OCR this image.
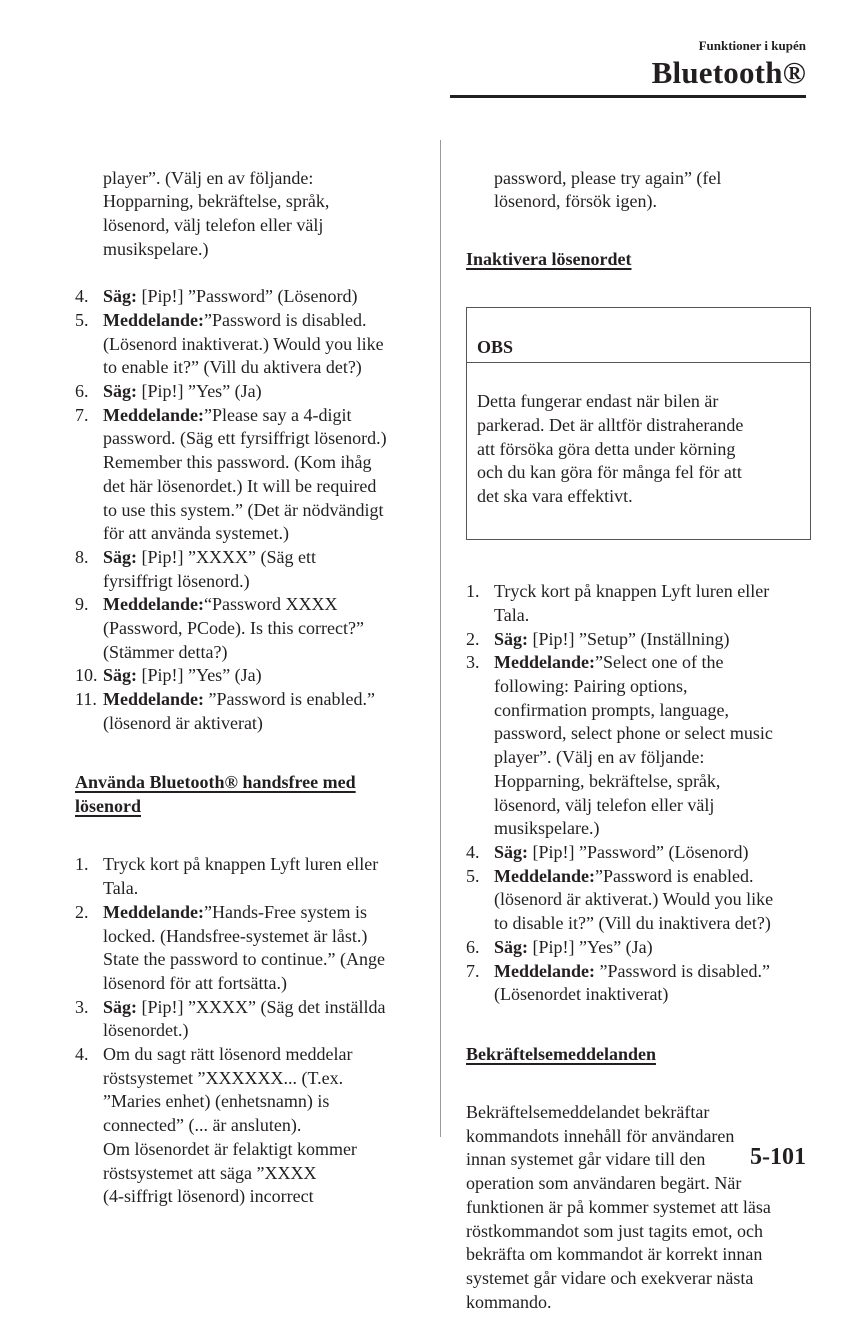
Funktioner i kupén
Bluetooth®

player”. (Välj en av följande:
Hopparning, bekräftelse, språk,
lösenord, välj telefon eller välj
musikspelare.)

4. Säg: [Pip!] ”Password” (Lösenord)
5. Meddelande:”Password is disabled.
(Lösenord inaktiverat.) Would you like
to enable it?” (Vill du aktivera det?)
6. Säg: [Pip!] ”Yes” (Ja)
7. Meddelande:”Please say a 4-digit
password. (Säg ett fyrsiffrigt lösenord.)
Remember this password. (Kom ihåg
det här lösenordet.) It will be required
to use this system.” (Det är nödvändigt
för att använda systemet.)
8. Säg: [Pip!] ”XXXX” (Säg ett
fyrsiffrigt lösenord.)
9. Meddelande:“Password XXXX
(Password, PCode). Is this correct?”
(Stämmer detta?)
10. Säg: [Pip!] ”Yes” (Ja)
11. Meddelande: ”Password is enabled.”
(lösenord är aktiverat)

Använda Bluetooth® handsfree med
lösenord

1. Tryck kort på knappen Lyft luren eller
Tala.
2. Meddelande:”Hands-Free system is
locked. (Handsfree-systemet är låst.)
State the password to continue.” (Ange
lösenord för att fortsätta.)
3. Säg: [Pip!] ”XXXX” (Säg det inställda
lösenordet.)
4. Om du sagt rätt lösenord meddelar
röstsystemet ”XXXXXX... (T.ex.
”Maries enhet) (enhetsnamn) is
connected” (... är ansluten).
Om lösenordet är felaktigt kommer
röstsystemet att säga ”XXXX
(4-siffrigt lösenord) incorrect

password, please try again” (fel
lösenord, försök igen).

Inaktivera lösenordet

OBS

Detta fungerar endast när bilen är
parkerad. Det är alltför distraherande
att försöka göra detta under körning
och du kan göra för många fel för att
det ska vara effektivt.

1. Tryck kort på knappen Lyft luren eller
Tala.
2. Säg: [Pip!] ”Setup” (Inställning)
3. Meddelande:”Select one of the
following: Pairing options,
confirmation prompts, language,
password, select phone or select music
player”. (Välj en av följande:
Hopparning, bekräftelse, språk,
lösenord, välj telefon eller välj
musikspelare.)
4. Säg: [Pip!] ”Password” (Lösenord)
5. Meddelande:”Password is enabled.
(lösenord är aktiverat.) Would you like
to disable it?” (Vill du inaktivera det?)
6. Säg: [Pip!] ”Yes” (Ja)
7. Meddelande: ”Password is disabled.”
(Lösenordet inaktiverat)

Bekräftelsemeddelanden

Bekräftelsemeddelandet bekräftar
kommandots innehåll för användaren
innan systemet går vidare till den
operation som användaren begärt. När
funktionen är på kommer systemet att läsa
röstkommandot som just tagits emot, och
bekräfta om kommandot är korrekt innan
systemet går vidare och exekverar nästa
kommando.

5-101
